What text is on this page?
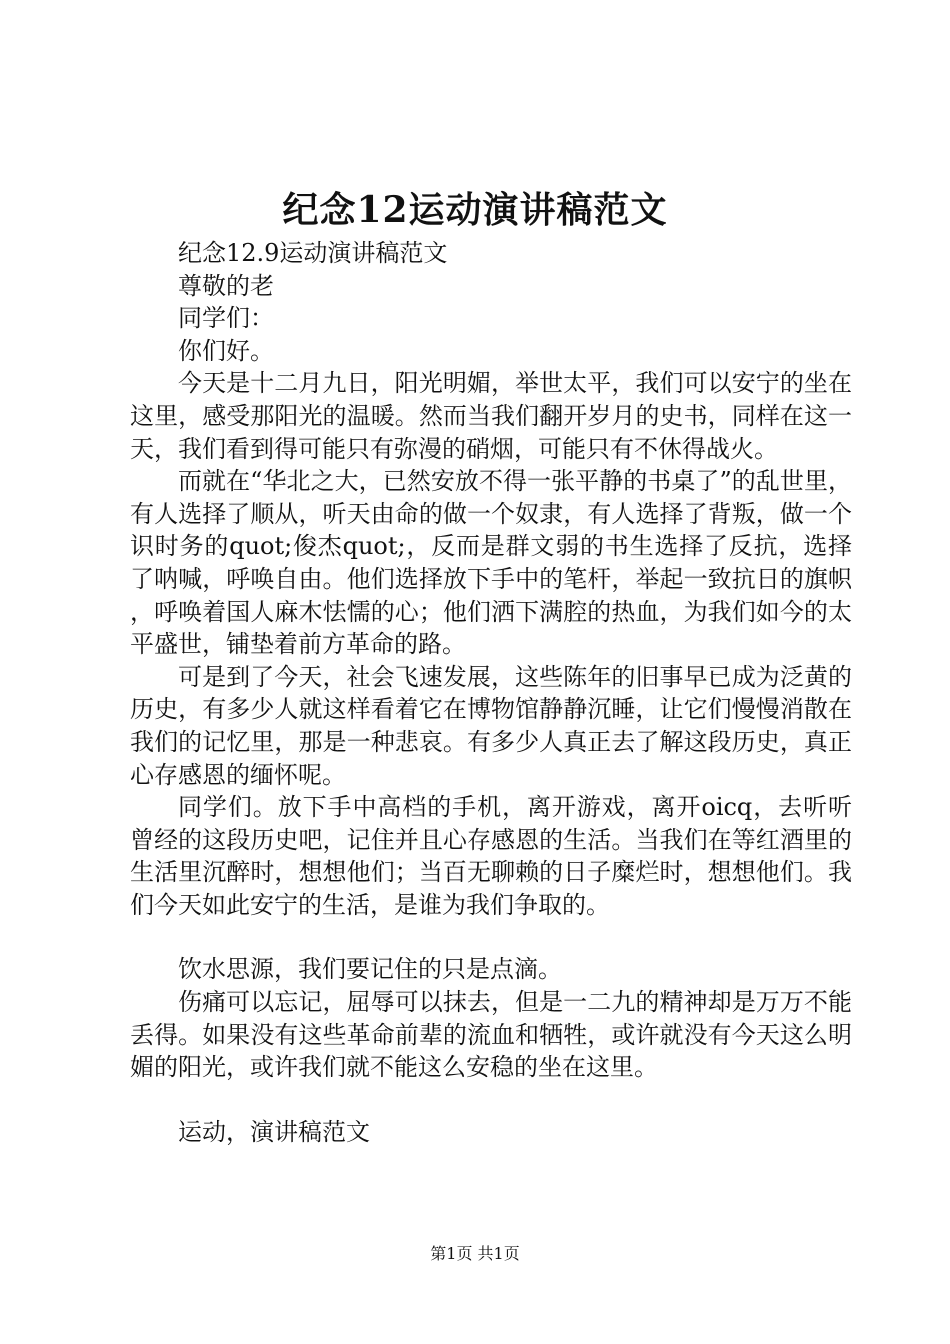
纪念12运动演讲稿范文

纪念12.9运动演讲稿范文

尊敬的老

同学们：

你们好。

今天是十二月九日，阳光明媚，举世太平，我们可以安宁的坐在这里，感受那阳光的温暖。然而当我们翻开岁月的史书，同样在这一天，我们看到得可能只有弥漫的硝烟，可能只有不休得战火。

而就在“华北之大，已然安放不得一张平静的书桌了”的乱世里，有人选择了顺从，听天由命的做一个奴隶，有人选择了背叛，做一个识时务的quot;俊杰quot;，反而是群文弱的书生选择了反抗，选择了呐喊，呼唤自由。他们选择放下手中的笔杆，举起一致抗日的旗帜，呼唤着国人麻木怯懦的心；他们洒下满腔的热血，为我们如今的太平盛世，铺垫着前方革命的路。

可是到了今天，社会飞速发展，这些陈年的旧事早已成为泛黄的历史，有多少人就这样看着它在博物馆静静沉睡，让它们慢慢消散在我们的记忆里，那是一种悲哀。有多少人真正去了解这段历史，真正心存感恩的缅怀呢。

同学们。放下手中高档的手机，离开游戏，离开oicq，去听听曾经的这段历史吧，记住并且心存感恩的生活。当我们在等红酒里的生活里沉醉时，想想他们；当百无聊赖的日子糜烂时，想想他们。我们今天如此安宁的生活，是谁为我们争取的。

饮水思源，我们要记住的只是点滴。

伤痛可以忘记，屈辱可以抹去，但是一二九的精神却是万万不能丢得。如果没有这些革命前辈的流血和牺牲，或许就没有今天这么明媚的阳光，或许我们就不能这么安稳的坐在这里。

运动，演讲稿范文

第1页 共1页
